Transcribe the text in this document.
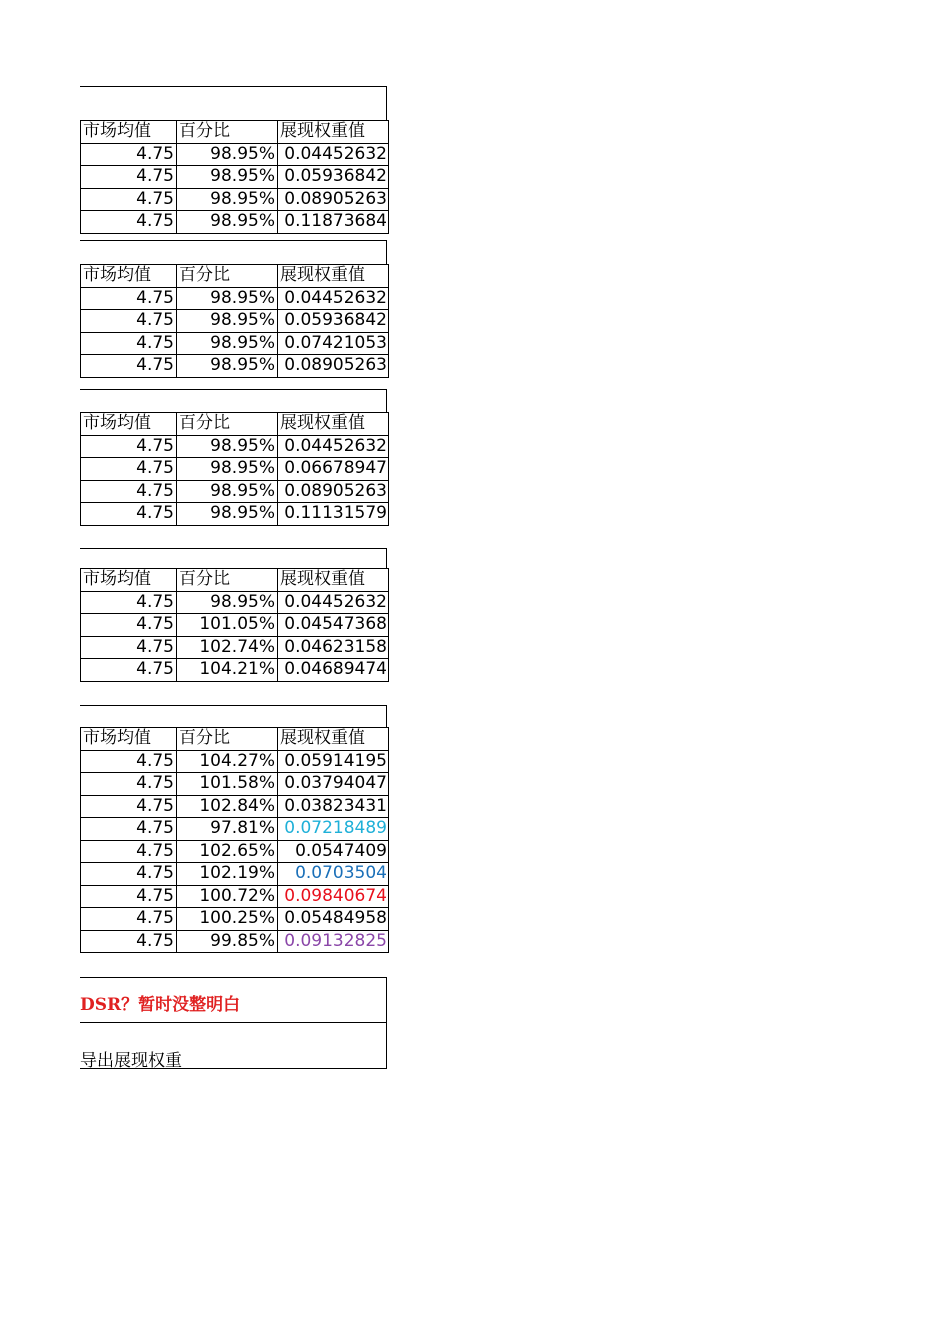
市场均值	百分比	展现权重值
4.75	98.95%	0.04452632
4.75	98.95%	0.05936842
4.75	98.95%	0.08905263
4.75	98.95%	0.11873684
市场均值	百分比	展现权重值
4.75	98.95%	0.04452632
4.75	98.95%	0.05936842
4.75	98.95%	0.07421053
4.75	98.95%	0.08905263
市场均值	百分比	展现权重值
4.75	98.95%	0.04452632
4.75	98.95%	0.06678947
4.75	98.95%	0.08905263
4.75	98.95%	0.11131579
市场均值	百分比	展现权重值
4.75	98.95%	0.04452632
4.75	101.05%	0.04547368
4.75	102.74%	0.04623158
4.75	104.21%	0.04689474
市场均值	百分比	展现权重值
4.75	104.27%	0.05914195
4.75	101.58%	0.03794047
4.75	102.84%	0.03823431
4.75	97.81%	0.07218489
4.75	102.65%	0.0547409
4.75	102.19%	0.0703504
4.75	100.72%	0.09840674
4.75	100.25%	0.05484958
4.75	99.85%	0.09132825
DSR？暂时没整明白
导出展现权重
